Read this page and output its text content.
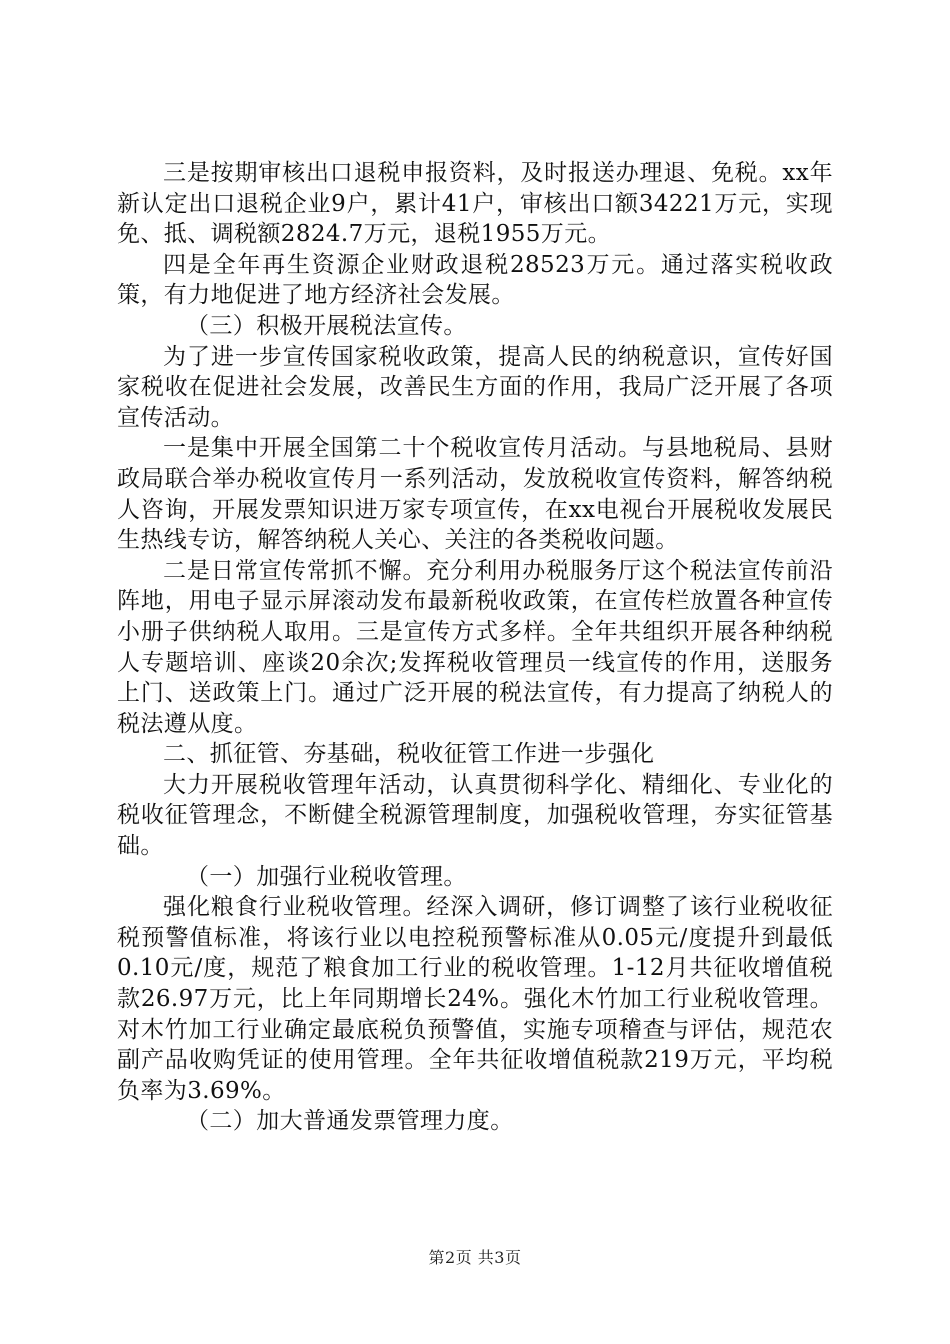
三是按期审核出口退税申报资料，及时报送办理退、免税。xx年新认定出口退税企业9户，累计41户，审核出口额34221万元，实现免、抵、调税额2824.7万元，退税1955万元。

四是全年再生资源企业财政退税28523万元。通过落实税收政策，有力地促进了地方经济社会发展。

（三）积极开展税法宣传。

为了进一步宣传国家税收政策，提高人民的纳税意识，宣传好国家税收在促进社会发展，改善民生方面的作用，我局广泛开展了各项宣传活动。

一是集中开展全国第二十个税收宣传月活动。与县地税局、县财政局联合举办税收宣传月一系列活动，发放税收宣传资料，解答纳税人咨询，开展发票知识进万家专项宣传，在xx电视台开展税收发展民生热线专访，解答纳税人关心、关注的各类税收问题。

二是日常宣传常抓不懈。充分利用办税服务厅这个税法宣传前沿阵地，用电子显示屏滚动发布最新税收政策，在宣传栏放置各种宣传小册子供纳税人取用。三是宣传方式多样。全年共组织开展各种纳税人专题培训、座谈20余次;发挥税收管理员一线宣传的作用，送服务上门、送政策上门。通过广泛开展的税法宣传，有力提高了纳税人的税法遵从度。

二、抓征管、夯基础，税收征管工作进一步强化

大力开展税收管理年活动，认真贯彻科学化、精细化、专业化的税收征管理念，不断健全税源管理制度，加强税收管理，夯实征管基础。

（一）加强行业税收管理。

强化粮食行业税收管理。经深入调研，修订调整了该行业税收征税预警值标准，将该行业以电控税预警标准从0.05元/度提升到最低0.10元/度，规范了粮食加工行业的税收管理。1-12月共征收增值税款26.97万元，比上年同期增长24%。强化木竹加工行业税收管理。对木竹加工行业确定最底税负预警值，实施专项稽查与评估，规范农副产品收购凭证的使用管理。全年共征收增值税款219万元，平均税负率为3.69%。

（二）加大普通发票管理力度。

第2页 共3页
